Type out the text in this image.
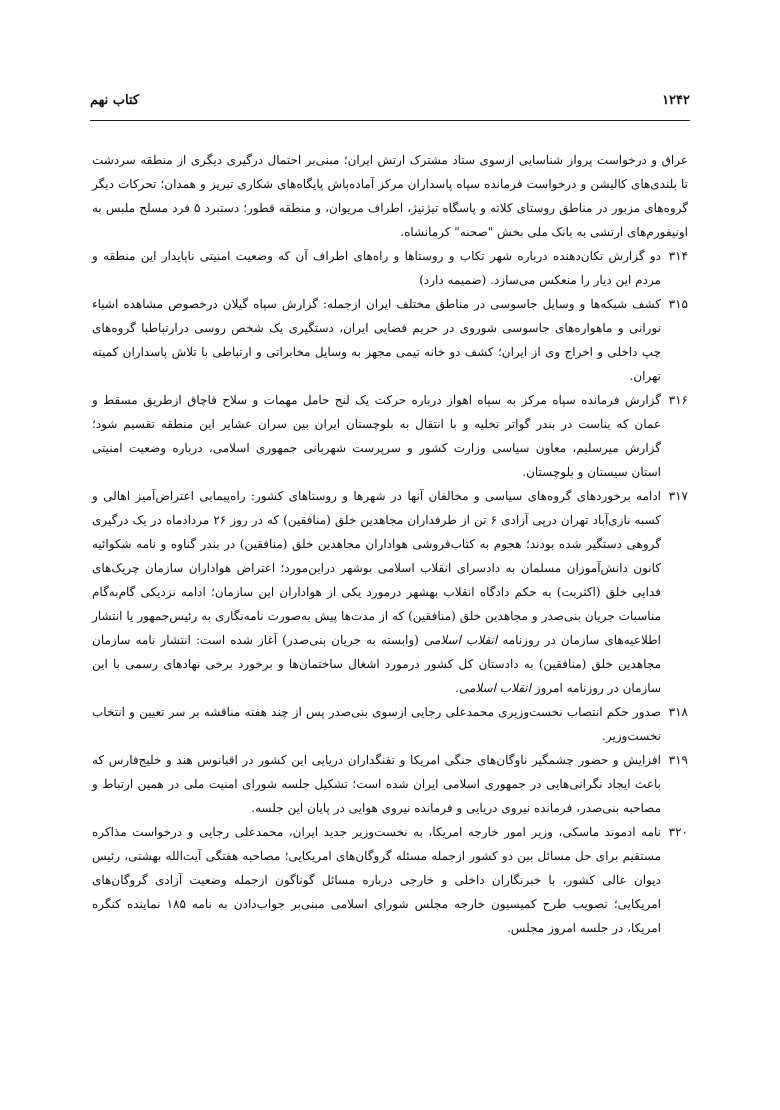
۱۲۴۲
کتاب نهم

عراق و درخواست پرواز شناسایی ازسوی ستاد مشترک ارتش ایران؛ مبنی‌بر احتمال درگیری دیگری از منطقه سردشت تا بلندی‌های کالیشن و درخواست فرمانده سپاه پاسداران مرکز آماده‌باش پایگاه‌های شکاری تبریز و همدان؛ تحرکات دیگر گروه‌های مزبور در مناطق روستای کلاته و پاسگاه تیژتیژ، اطراف مریوان، و منطقه قطور؛ دستبرد ۵ فرد مسلح ملبس به اونیفورم‌های ارتشی به بانک ملی بخش "صحنه" کرمانشاه.

۳۱۴
دو گزارش تکان‌دهنده درباره شهر تکاب و روستاها و راه‌های اطراف آن که وضعیت امنیتی ناپایدار این منطقه و مردم این دیار را منعکس می‌سازد. (ضمیمه دارد)
۳۱۵
کشف شبکه‌ها و وسایل جاسوسی در مناطق مختلف ایران ازجمله: گزارش سپاه گیلان درخصوص مشاهده اشیاء نورانی و ماهواره‌های جاسوسی شوروی در حریم فضایی ایران، دستگیری یک شخص روسی درارتباطبا گروه‌های چپ داخلی و اخراج وی از ایران؛ کشف دو خانه تیمی مجهز به وسایل مخابراتی و ارتباطی با تلاش پاسداران کمیته تهران.
۳۱۶
گزارش فرمانده سپاه مرکز به سپاه اهواز درباره حرکت یک لنج حامل مهمات و سلاح قاچاق ازطریق مسقط و عمان که بناست در بندر گواتر تخلیه و با انتقال به بلوچستان ایران بین سران عشایر این منطقه تقسیم شود؛ گزارش میرسلیم، معاون سیاسی وزارت کشور و سرپرست شهربانی جمهوری اسلامی، درباره وضعیت امنیتی استان سیستان و بلوچستان.
۳۱۷
ادامه برخوردهای گروه‌های سیاسی و مخالفان آنها در شهرها و روستاهای کشور: راه‌پیمایی اعتراض‌آمیز اهالی و کسبه نازی‌آباد تهران درپی آزادی ۶ تن از طرفداران مجاهدین خلق (منافقین) که در روز ۲۶ مردادماه در یک درگیری گروهی دستگیر شده بودند؛ هجوم به کتاب‌فروشی هواداران مجاهدین خلق (منافقین) در بندر گناوه و نامه شکوائیه کانون دانش‌آموزان مسلمان به دادسرای انقلاب اسلامی بوشهر دراین‌مورد؛ اعتراض هواداران سازمان چریک‌های فدایی خلق (اکثریت) به حکم دادگاه انقلاب بهشهر درمورد یکی از هواداران این سازمان؛ ادامه نزدیکی گام‌به‌گام مناسبات جریان بنی‌صدر و مجاهدین خلق (منافقین) که از مدت‌ها پیش به‌صورت نامه‌نگاری به رئیس‌جمهور یا انتشار اطلاعیه‌های سازمان در روزنامه انقلاب اسلامی (وابسته به جریان بنی‌صدر) آغاز شده است: انتشار نامه سازمان مجاهدین خلق (منافقین) به دادستان کل کشور درمورد اشغال ساختمان‌ها و برخورد برخی نهادهای رسمی با این سازمان در روزنامه امروز انقلاب اسلامی.
۳۱۸
صدور حکم انتصاب نخست‌وزیری محمدعلی رجایی ازسوی بنی‌صدر پس از چند هفته مناقشه بر سر تعیین و انتخاب نخست‌وزیر.
۳۱۹
افزایش و حضور چشمگیر ناوگان‌های جنگی امریکا و تفنگداران دریایی این کشور در اقیانوس هند و خلیج‌فارس که باعث ایجاد نگرانی‌هایی در جمهوری اسلامی ایران شده است؛ تشکیل جلسه شورای امنیت ملی در همین ارتباط و مصاحبه بنی‌صدر، فرمانده نیروی دریایی و فرمانده نیروی هوایی در پایان این جلسه.
۳۲۰
نامه ادموند ماسکی، وزیر امور خارجه امریکا، به نخست‌وزیر جدید ایران، محمدعلی رجایی و درخواست مذاکره مستقیم برای حل مسائل بین دو کشور ازجمله مسئله گروگان‌های امریکایی؛ مصاحبه هفتگی آیت‌الله بهشتی، رئیس دیوان عالی کشور، با خبرنگاران داخلی و خارجی درباره مسائل گوناگون ازجمله وضعیت آزادی گروگان‌های امریکایی؛ تصویب طرح کمیسیون خارجه مجلس شورای اسلامی مبنی‌بر جواب‌دادن به نامه ۱۸۵ نماینده کنگره امریکا، در جلسه امروز مجلس.
